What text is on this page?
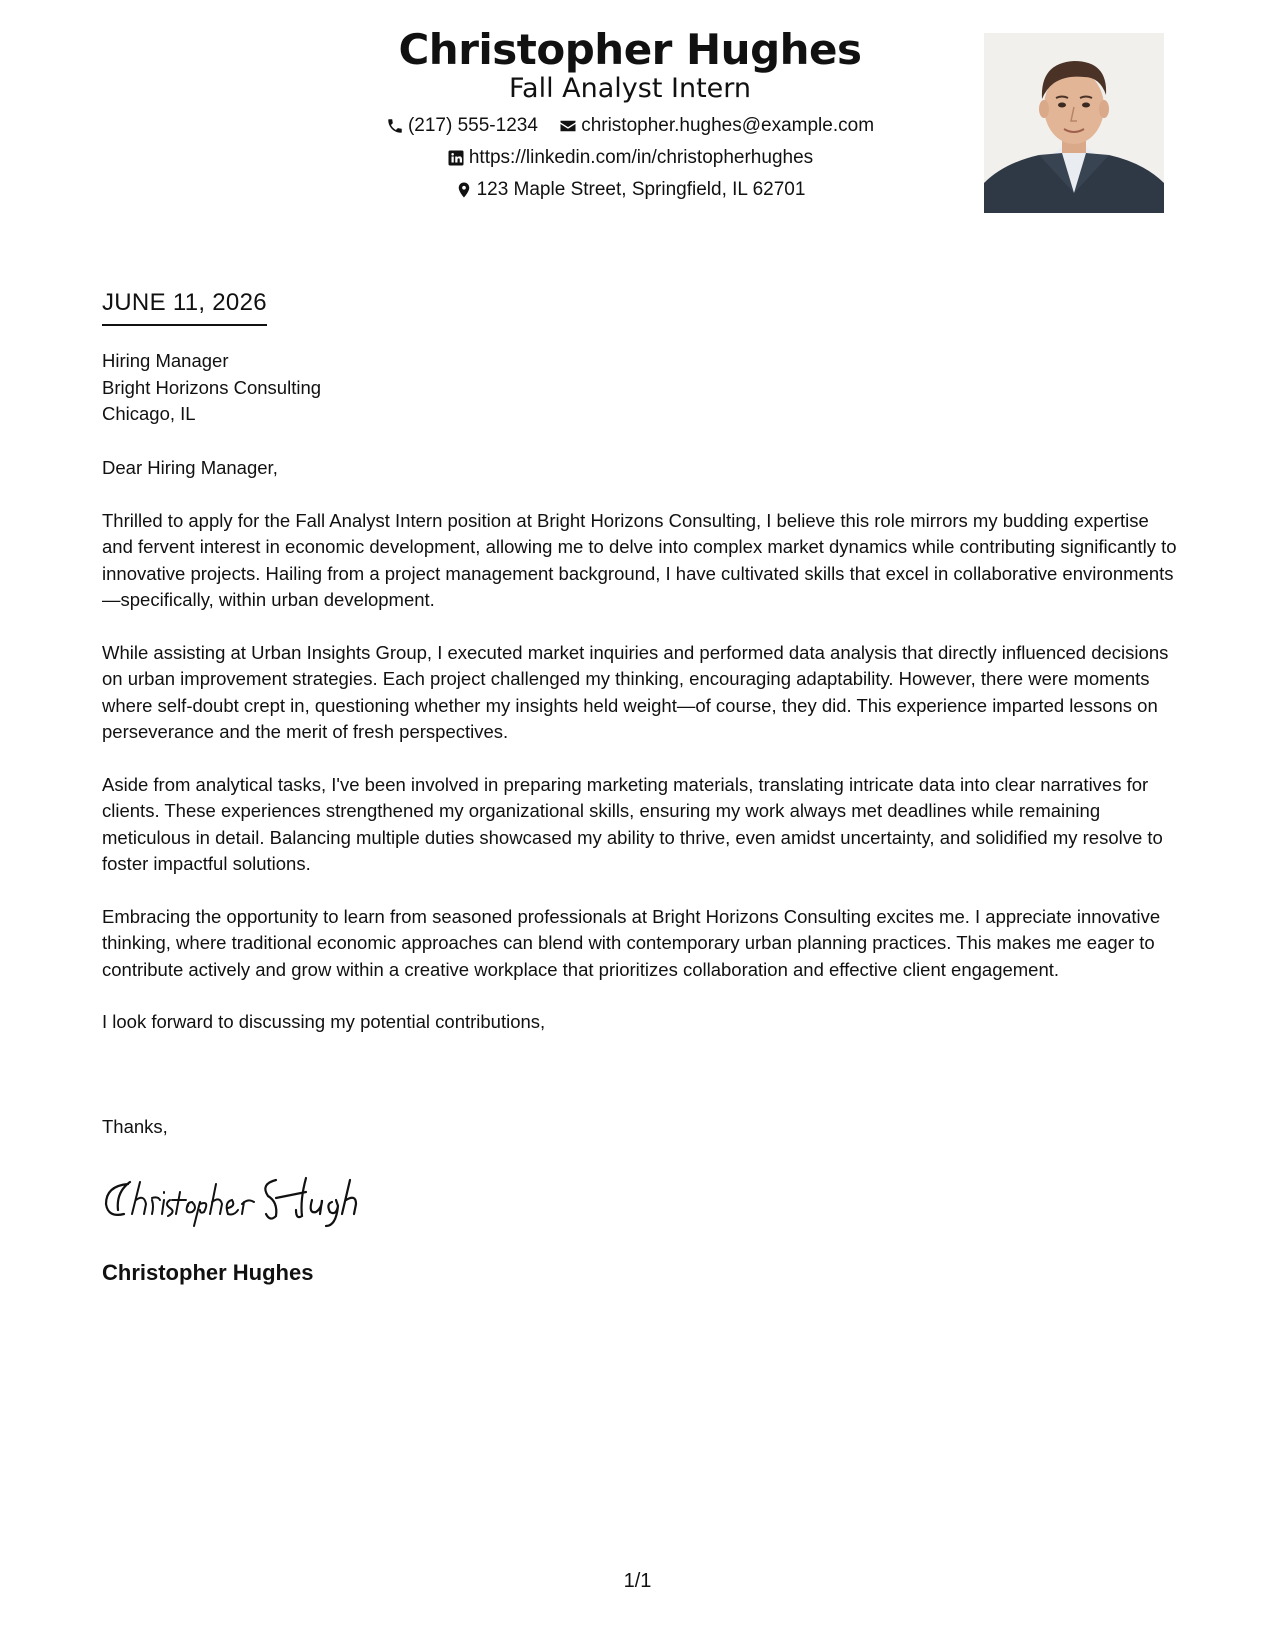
Christopher Hughes
Fall Analyst Intern
(217) 555-1234
christopher.hughes@example.com
https://linkedin.com/in/christopherhughes
123 Maple Street, Springfield, IL 62701
JUNE 11, 2026
Hiring Manager
Bright Horizons Consulting
Chicago, IL

Dear Hiring Manager,

Thrilled to apply for the Fall Analyst Intern position at Bright Horizons Consulting, I believe this role mirrors my budding expertise and fervent interest in economic development, allowing me to delve into complex market dynamics while contributing significantly to innovative projects. Hailing from a project management background, I have cultivated skills that excel in collaborative environments—specifically, within urban development.

While assisting at Urban Insights Group, I executed market inquiries and performed data analysis that directly influenced decisions on urban improvement strategies. Each project challenged my thinking, encouraging adaptability. However, there were moments where self-doubt crept in, questioning whether my insights held weight—of course, they did. This experience imparted lessons on perseverance and the merit of fresh perspectives.

Aside from analytical tasks, I've been involved in preparing marketing materials, translating intricate data into clear narratives for clients. These experiences strengthened my organizational skills, ensuring my work always met deadlines while remaining meticulous in detail. Balancing multiple duties showcased my ability to thrive, even amidst uncertainty, and solidified my resolve to foster impactful solutions.

Embracing the opportunity to learn from seasoned professionals at Bright Horizons Consulting excites me. I appreciate innovative thinking, where traditional economic approaches can blend with contemporary urban planning practices. This makes me eager to contribute actively and grow within a creative workplace that prioritizes collaboration and effective client engagement.

I look forward to discussing my potential contributions,

Thanks,
Christopher Hughes
1/1
